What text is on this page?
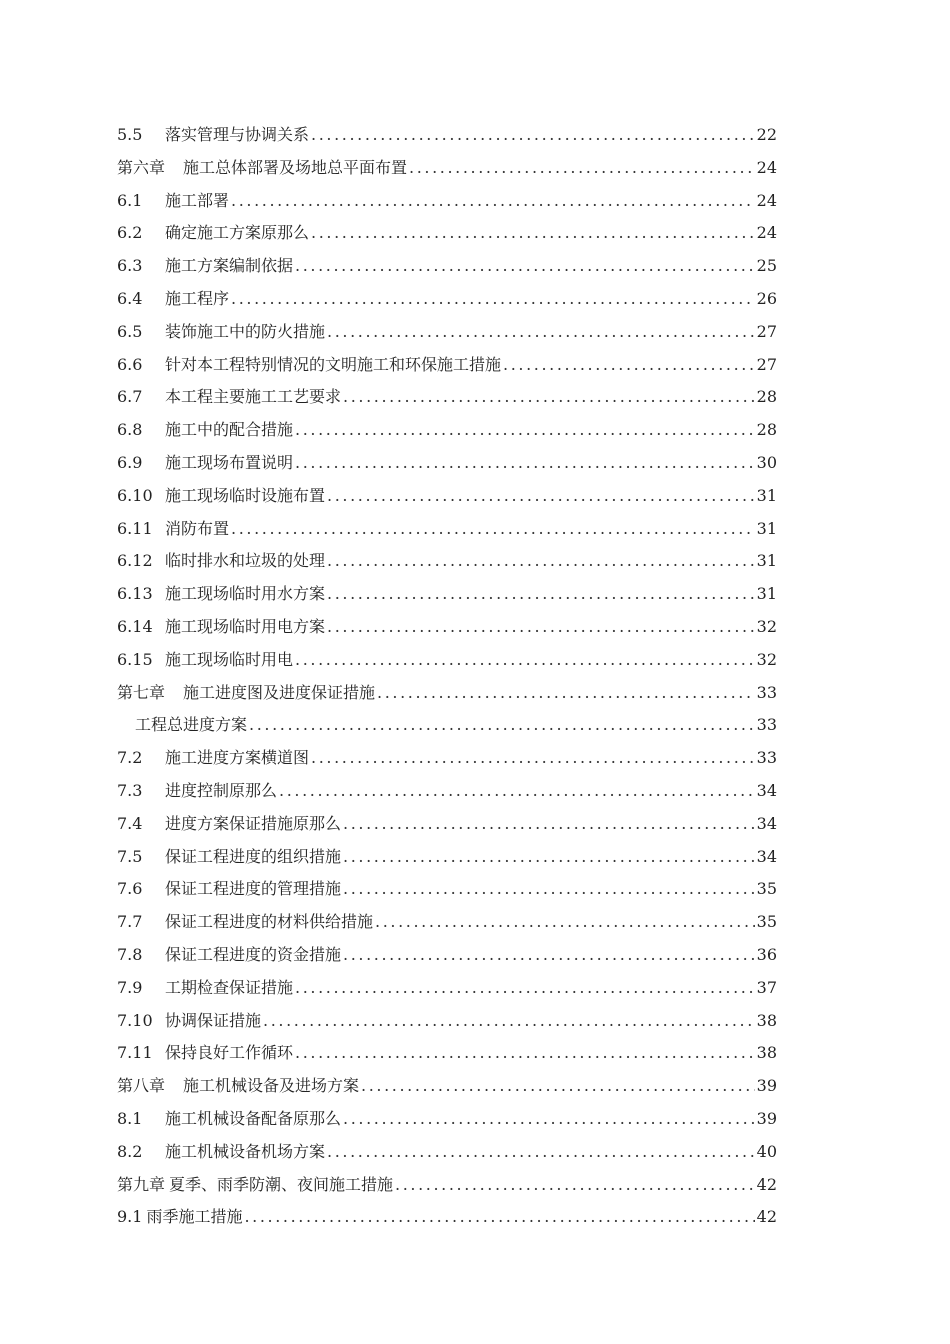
5.5	落实管理与协调关系 .....	22
第六章	施工总体部署及场地总平面布置 .....	24
6.1	施工部署 .....	24
6.2	确定施工方案原那么 .....	24
6.3	施工方案编制依据 .....	25
6.4	施工程序 .....	26
6.5	装饰施工中的防火措施 .....	27
6.6	针对本工程特别情况的文明施工和环保施工措施 .....	27
6.7	本工程主要施工工艺要求 .....	28
6.8	施工中的配合措施 .....	28
6.9	施工现场布置说明 .....	30
6.10 施工现场临时设施布置 .....	31
6.11 消防布置 .....	31
6.12 临时排水和垃圾的处理 .....	31
6.13 施工现场临时用水方案 .....	31
6.14 施工现场临时用电方案 .....	32
6.15 施工现场临时用电 .....	32
第七章	施工进度图及进度保证措施 .....	33
工程总进度方案 .....	33
7.2	施工进度方案横道图 .....	33
7.3	进度控制原那么 .....	34
7.4	进度方案保证措施原那么 .....	34
7.5	保证工程进度的组织措施 .....	34
7.6	保证工程进度的管理措施 .....	35
7.7	保证工程进度的材料供给措施 .....	35
7.8	保证工程进度的资金措施 .....	36
7.9	工期检查保证措施 .....	37
7.10 协调保证措施 .....	38
7.11 保持良好工作循环 .....	38
第八章	施工机械设备及进场方案 .....	39
8.1	施工机械设备配备原那么 .....	39
8.2	施工机械设备机场方案 .....	40
第九章 夏季、雨季防潮、夜间施工措施 .....	42
9.1 雨季施工措施 .....	42
